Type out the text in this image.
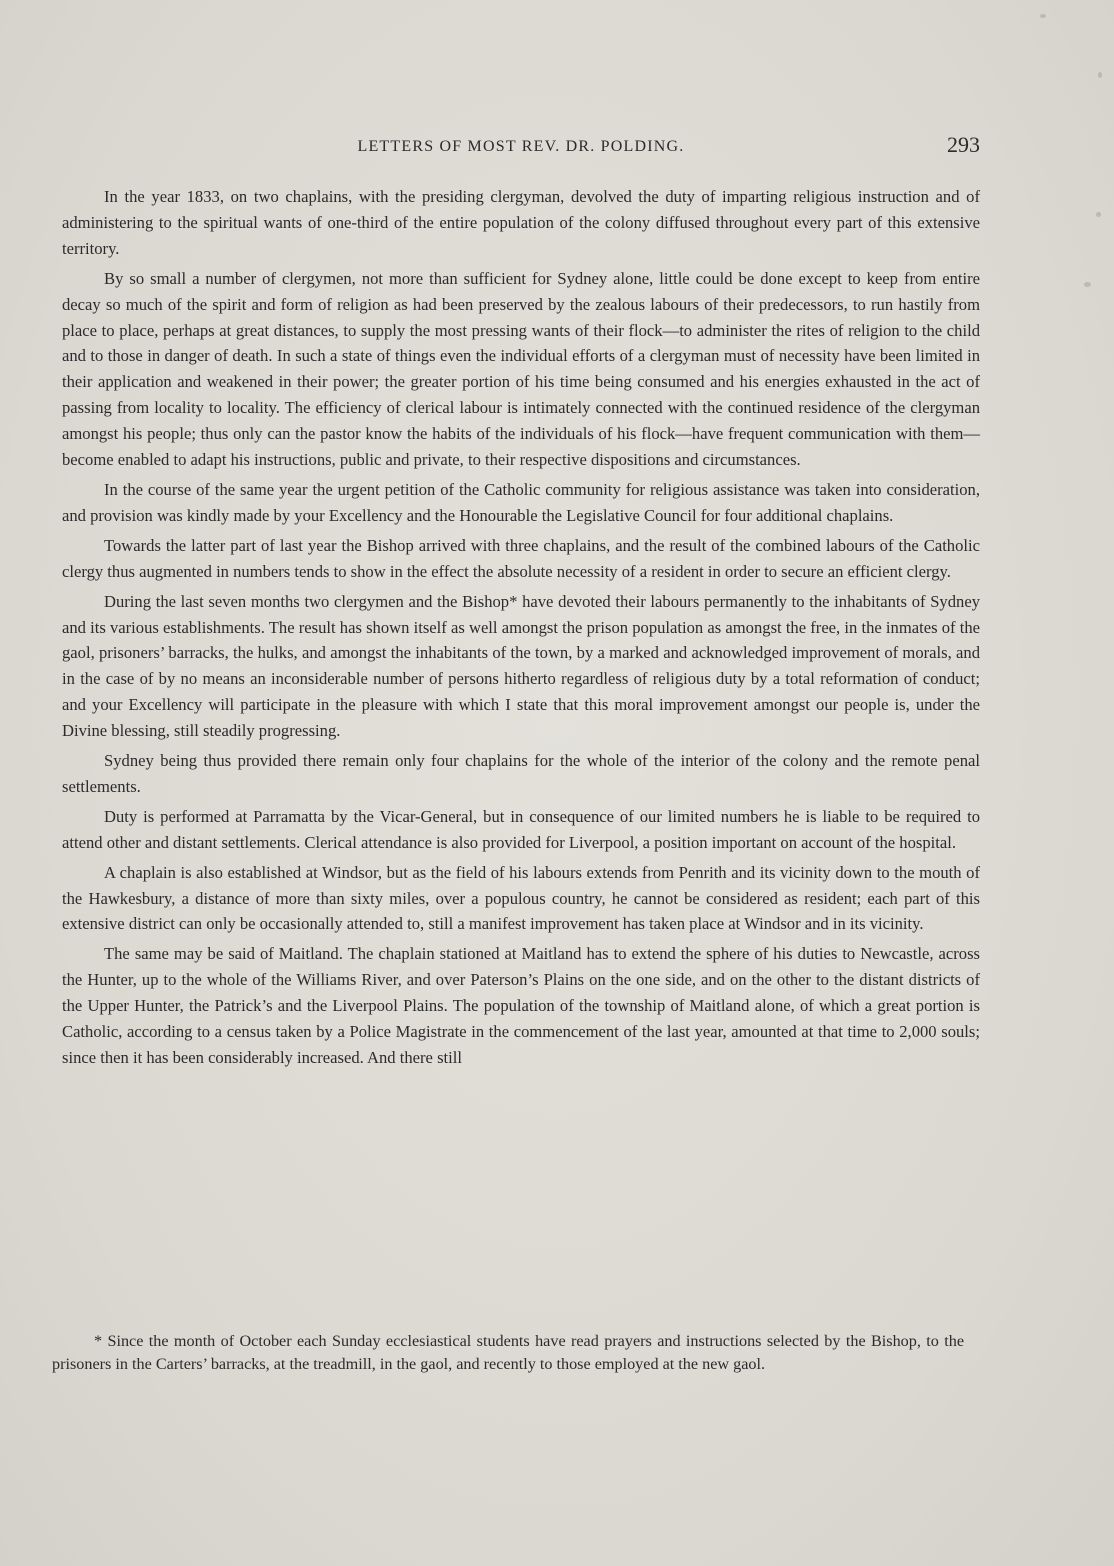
LETTERS OF MOST REV. DR. POLDING.	293

In the year 1833, on two chaplains, with the presiding clergyman, devolved the duty of imparting religious instruction and of administering to the spiritual wants of one-third of the entire population of the colony diffused throughout every part of this extensive territory.

By so small a number of clergymen, not more than sufficient for Sydney alone, little could be done except to keep from entire decay so much of the spirit and form of religion as had been preserved by the zealous labours of their predecessors, to run hastily from place to place, perhaps at great distances, to supply the most pressing wants of their flock—to administer the rites of religion to the child and to those in danger of death. In such a state of things even the individual efforts of a clergyman must of necessity have been limited in their application and weakened in their power; the greater portion of his time being consumed and his energies exhausted in the act of passing from locality to locality. The efficiency of clerical labour is intimately connected with the continued residence of the clergyman amongst his people; thus only can the pastor know the habits of the individuals of his flock—have frequent communication with them—become enabled to adapt his instructions, public and private, to their respective dispositions and circumstances.

In the course of the same year the urgent petition of the Catholic community for religious assistance was taken into consideration, and provision was kindly made by your Excellency and the Honourable the Legislative Council for four additional chaplains.

Towards the latter part of last year the Bishop arrived with three chaplains, and the result of the combined labours of the Catholic clergy thus augmented in numbers tends to show in the effect the absolute necessity of a resident in order to secure an efficient clergy.

During the last seven months two clergymen and the Bishop* have devoted their labours permanently to the inhabitants of Sydney and its various establishments. The result has shown itself as well amongst the prison population as amongst the free, in the inmates of the gaol, prisoners’ barracks, the hulks, and amongst the inhabitants of the town, by a marked and acknowledged improvement of morals, and in the case of by no means an inconsiderable number of persons hitherto regardless of religious duty by a total reformation of conduct; and your Excellency will participate in the pleasure with which I state that this moral improvement amongst our people is, under the Divine blessing, still steadily progressing.

Sydney being thus provided there remain only four chaplains for the whole of the interior of the colony and the remote penal settlements.

Duty is performed at Parramatta by the Vicar-General, but in consequence of our limited numbers he is liable to be required to attend other and distant settlements. Clerical attendance is also provided for Liverpool, a position important on account of the hospital.

A chaplain is also established at Windsor, but as the field of his labours extends from Penrith and its vicinity down to the mouth of the Hawkesbury, a distance of more than sixty miles, over a populous country, he cannot be considered as resident; each part of this extensive district can only be occasionally attended to, still a manifest improvement has taken place at Windsor and in its vicinity.

The same may be said of Maitland. The chaplain stationed at Maitland has to extend the sphere of his duties to Newcastle, across the Hunter, up to the whole of the Williams River, and over Paterson’s Plains on the one side, and on the other to the distant districts of the Upper Hunter, the Patrick’s and the Liverpool Plains. The population of the township of Maitland alone, of which a great portion is Catholic, according to a census taken by a Police Magistrate in the commencement of the last year, amounted at that time to 2,000 souls; since then it has been considerably increased. And there still

* Since the month of October each Sunday ecclesiastical students have read prayers and instructions selected by the Bishop, to the prisoners in the Carters’ barracks, at the treadmill, in the gaol, and recently to those employed at the new gaol.
